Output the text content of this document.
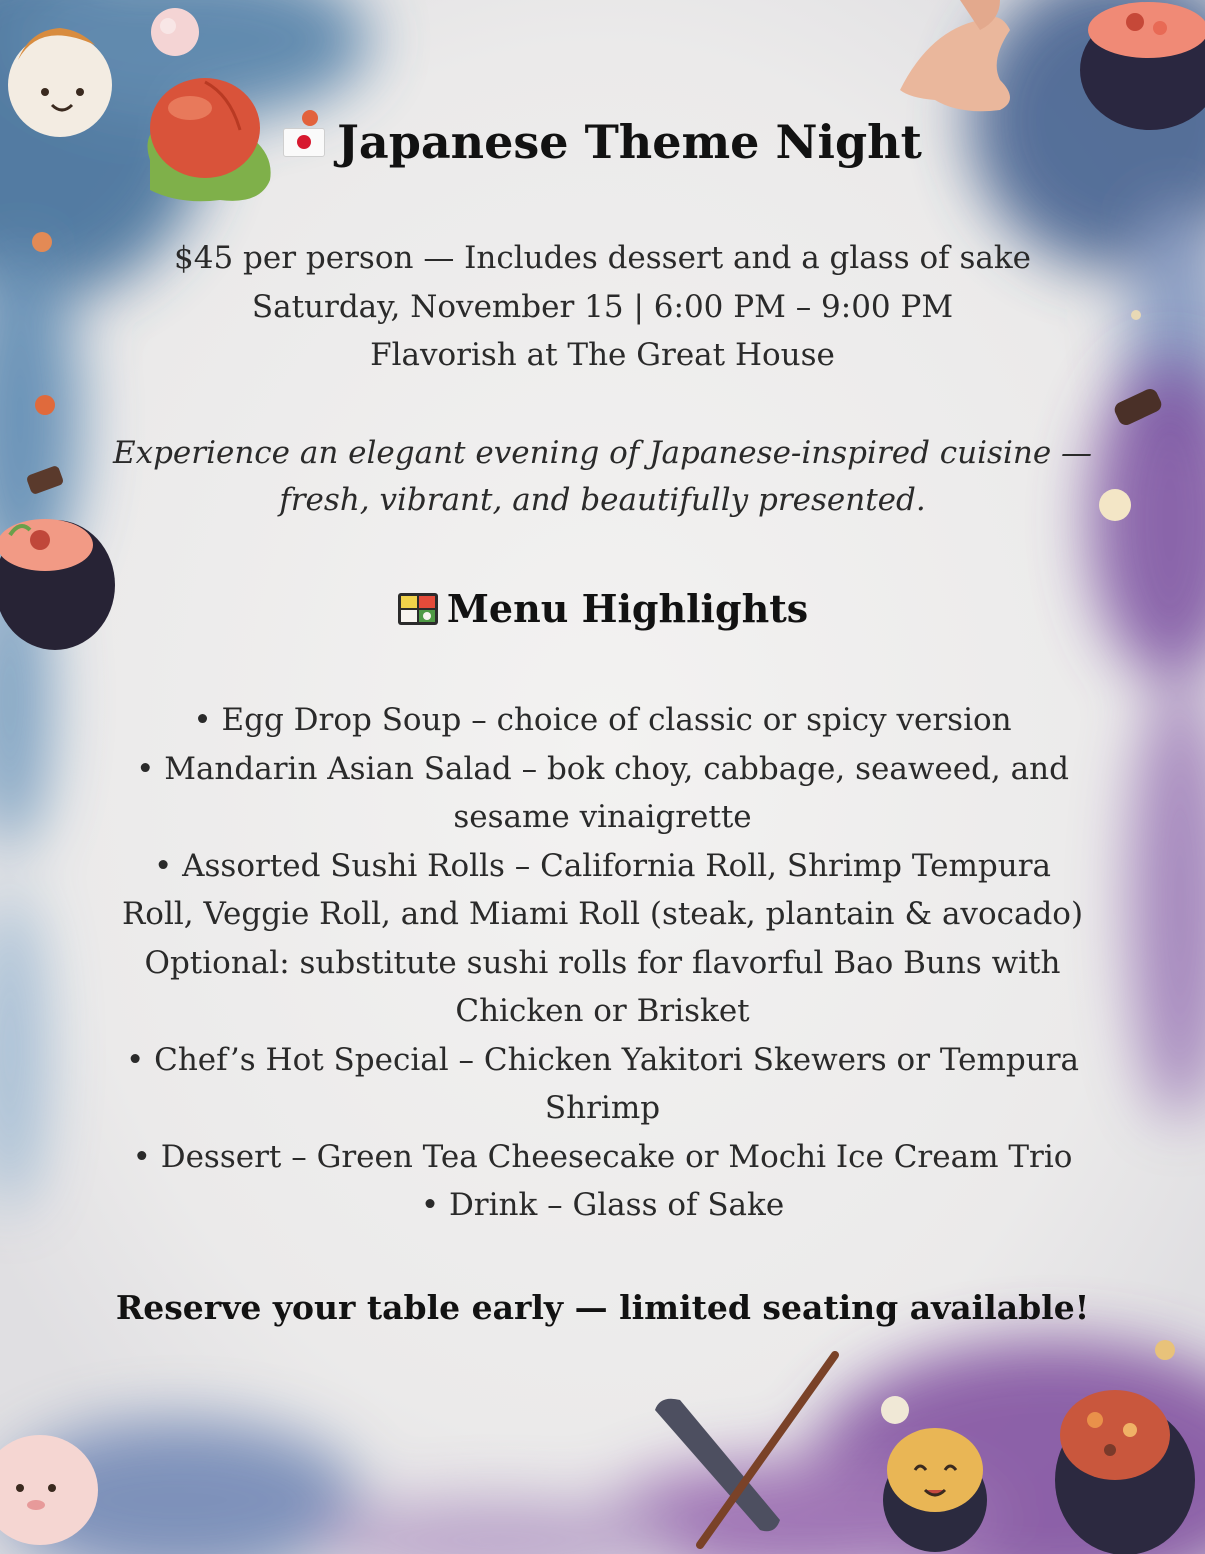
Japanese Theme Night
$45 per person — Includes dessert and a glass of sake
Saturday, November 15 | 6:00 PM – 9:00 PM
Flavorish at The Great House
Experience an elegant evening of Japanese-inspired cuisine —
fresh, vibrant, and beautifully presented.
Menu Highlights

• Egg Drop Soup – choice of classic or spicy version

• Mandarin Asian Salad – bok choy, cabbage, seaweed, and sesame vinaigrette

• Assorted Sushi Rolls – California Roll, Shrimp Tempura Roll, Veggie Roll, and Miami Roll (steak, plantain & avocado)

Optional: substitute sushi rolls for flavorful Bao Buns with Chicken or Brisket

• Chef’s Hot Special – Chicken Yakitori Skewers or Tempura Shrimp

• Dessert – Green Tea Cheesecake or Mochi Ice Cream Trio

• Drink – Glass of Sake

Reserve your table early — limited seating available!
